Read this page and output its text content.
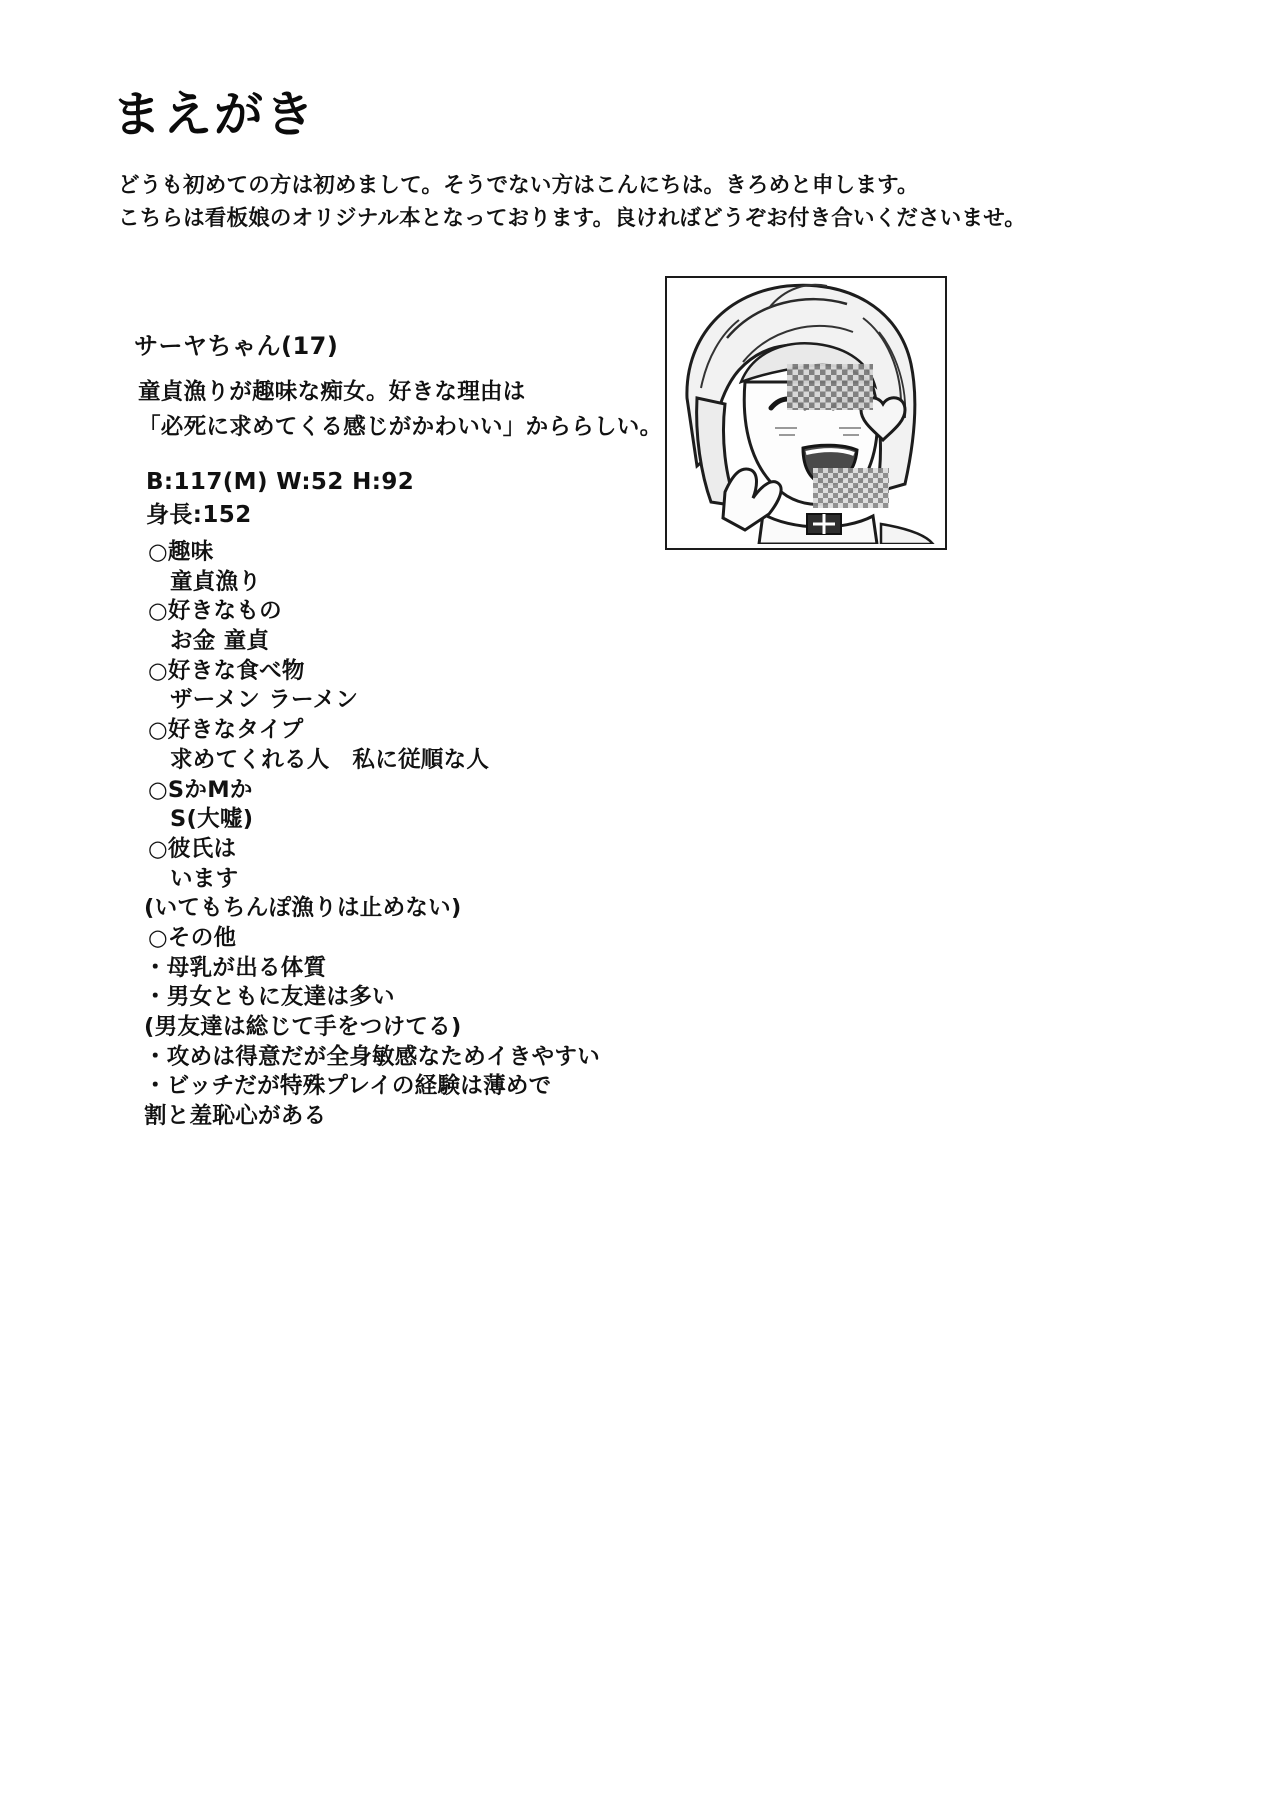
まえがき
どうも初めての方は初めまして。そうでない方はこんにちは。きろめと申します。
こちらは看板娘のオリジナル本となっております。良ければどうぞお付き合いくださいませ。
サーヤちゃん(17)
童貞漁りが趣味な痴女。好きな理由は
「必死に求めてくる感じがかわいい」かららしい。
B:117(M) W:52 H:92
身長:152
○趣味
童貞漁り
○好きなもの
お金 童貞
○好きな食べ物
ザーメン ラーメン
○好きなタイプ
求めてくれる人　私に従順な人
○SかMか
S(大嘘)
○彼氏は
います
(いてもちんぽ漁りは止めない)
○その他
・母乳が出る体質
・男女ともに友達は多い
(男友達は総じて手をつけてる)
・攻めは得意だが全身敏感なためイきやすい
・ビッチだが特殊プレイの経験は薄めで
割と羞恥心がある
